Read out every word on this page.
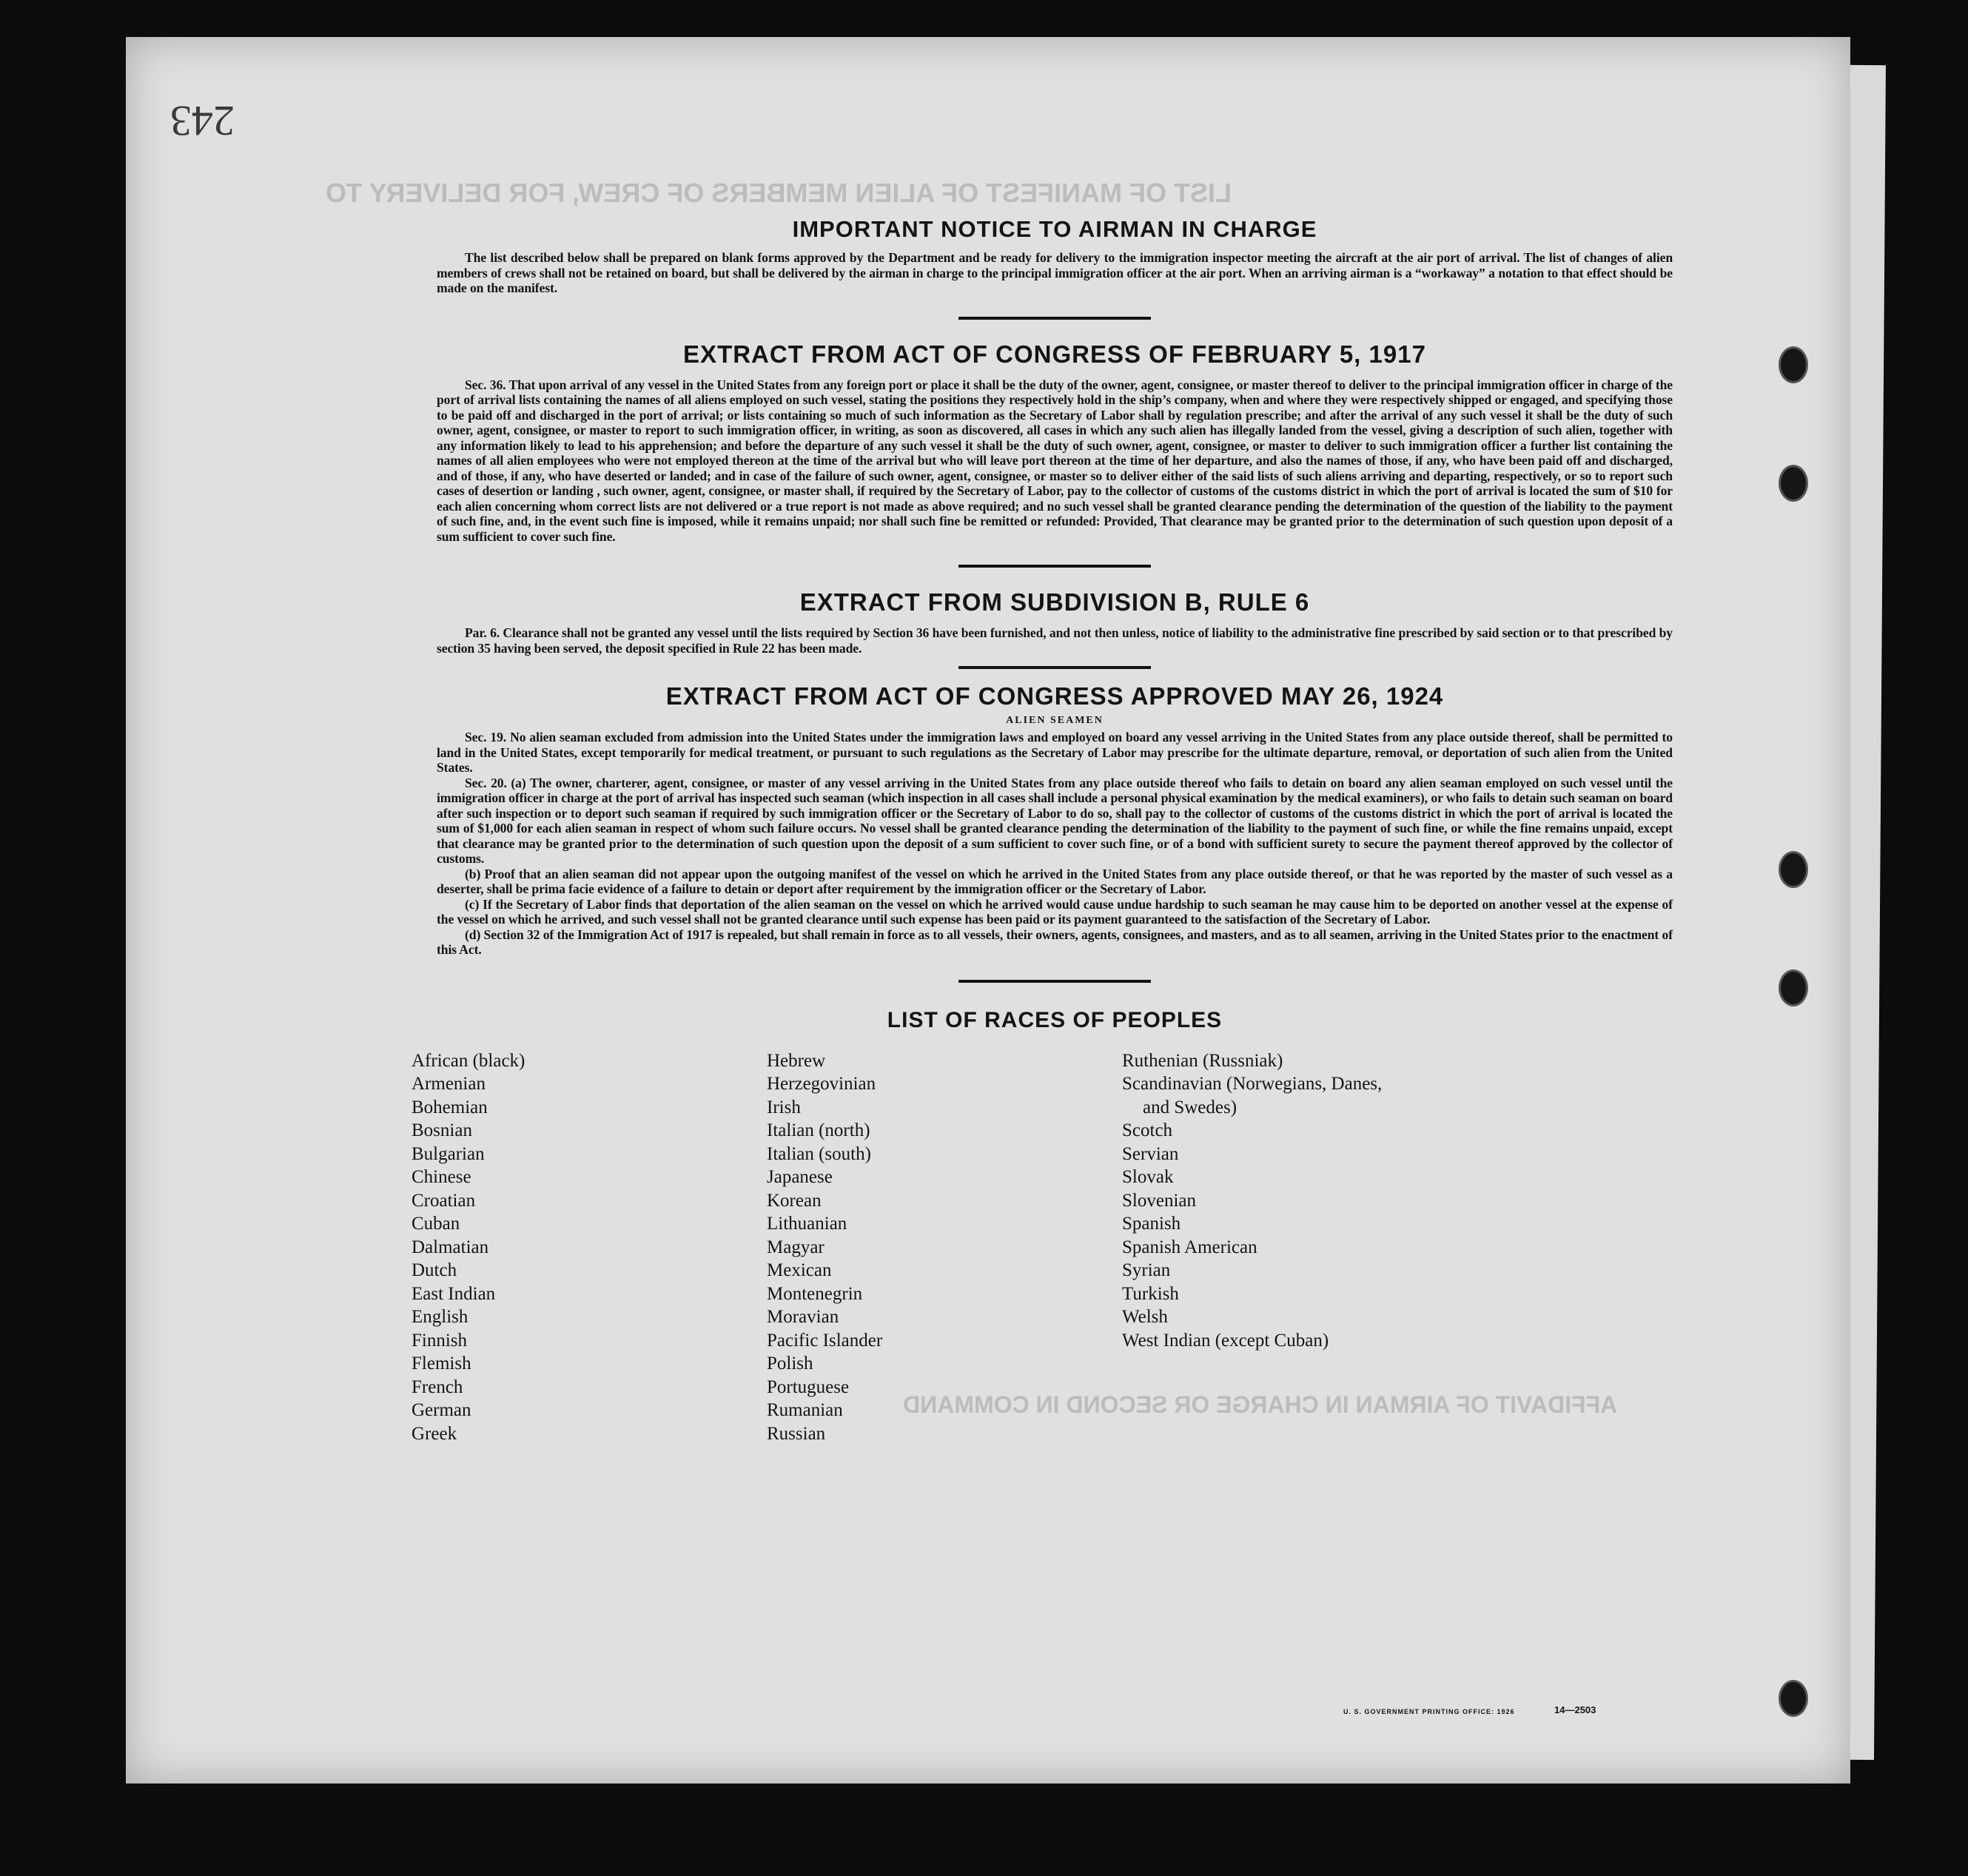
LIST OF MANIFEST OF ALIEN MEMBERS OF CREW, FOR DELIVERY TO
AFFIDAVIT OF AIRMAN IN CHARGE OR SECOND IN COMMAND
243
IMPORTANT NOTICE TO AIRMAN IN CHARGE

The list described below shall be prepared on blank forms approved by the Department and be ready for delivery to the immigration inspector meeting the aircraft at the air port of arrival. The list of changes of alien members of crews shall not be retained on board, but shall be delivered by the airman in charge to the principal immigration officer at the air port. When an arriving airman is a “workaway” a notation to that effect should be made on the manifest.

EXTRACT FROM ACT OF CONGRESS OF FEBRUARY 5, 1917

Sec. 36. That upon arrival of any vessel in the United States from any foreign port or place it shall be the duty of the owner, agent, consignee, or master thereof to deliver to the principal immigration officer in charge of the port of arrival lists containing the names of all aliens employed on such vessel, stating the positions they respectively hold in the ship’s company, when and where they were respectively shipped or engaged, and specifying those to be paid off and discharged in the port of arrival; or lists containing so much of such information as the Secretary of Labor shall by regulation prescribe; and after the arrival of any such vessel it shall be the duty of such owner, agent, consignee, or master to report to such immigration officer, in writing, as soon as discovered, all cases in which any such alien has illegally landed from the vessel, giving a description of such alien, together with any information likely to lead to his apprehension; and before the departure of any such vessel it shall be the duty of such owner, agent, consignee, or master to deliver to such immigration officer a further list containing the names of all alien employees who were not employed thereon at the time of the arrival but who will leave port thereon at the time of her departure, and also the names of those, if any, who have been paid off and discharged, and of those, if any, who have deserted or landed; and in case of the failure of such owner, agent, consignee, or master so to deliver either of the said lists of such aliens arriving and departing, respectively, or so to report such cases of desertion or landing , such owner, agent, consignee, or master shall, if required by the Secretary of Labor, pay to the collector of customs of the customs district in which the port of arrival is located the sum of $10 for each alien concerning whom correct lists are not delivered or a true report is not made as above required; and no such vessel shall be granted clearance pending the determination of the question of the liability to the payment of such fine, and, in the event such fine is imposed, while it remains unpaid; nor shall such fine be remitted or refunded: Provided, That clearance may be granted prior to the determination of such question upon deposit of a sum sufficient to cover such fine.

EXTRACT FROM SUBDIVISION B, RULE 6

Par. 6. Clearance shall not be granted any vessel until the lists required by Section 36 have been furnished, and not then unless, notice of liability to the administrative fine prescribed by said section or to that prescribed by section 35 having been served, the deposit specified in Rule 22 has been made.

EXTRACT FROM ACT OF CONGRESS APPROVED MAY 26, 1924
ALIEN SEAMEN

Sec. 19. No alien seaman excluded from admission into the United States under the immigration laws and employed on board any vessel arriving in the United States from any place outside thereof, shall be permitted to land in the United States, except temporarily for medical treatment, or pursuant to such regulations as the Secretary of Labor may prescribe for the ultimate departure, removal, or deportation of such alien from the United States.

Sec. 20. (a) The owner, charterer, agent, consignee, or master of any vessel arriving in the United States from any place outside thereof who fails to detain on board any alien seaman employed on such vessel until the immigration officer in charge at the port of arrival has inspected such seaman (which inspection in all cases shall include a personal physical examination by the medical examiners), or who fails to detain such seaman on board after such inspection or to deport such seaman if required by such immigration officer or the Secretary of Labor to do so, shall pay to the collector of customs of the customs district in which the port of arrival is located the sum of $1,000 for each alien seaman in respect of whom such failure occurs. No vessel shall be granted clearance pending the determination of the liability to the payment of such fine, or while the fine remains unpaid, except that clearance may be granted prior to the determination of such question upon the deposit of a sum sufficient to cover such fine, or of a bond with sufficient surety to secure the payment thereof approved by the collector of customs.

(b) Proof that an alien seaman did not appear upon the outgoing manifest of the vessel on which he arrived in the United States from any place outside thereof, or that he was reported by the master of such vessel as a deserter, shall be prima facie evidence of a failure to detain or deport after requirement by the immigration officer or the Secretary of Labor.

(c) If the Secretary of Labor finds that deportation of the alien seaman on the vessel on which he arrived would cause undue hardship to such seaman he may cause him to be deported on another vessel at the expense of the vessel on which he arrived, and such vessel shall not be granted clearance until such expense has been paid or its payment guaranteed to the satisfaction of the Secretary of Labor.

(d) Section 32 of the Immigration Act of 1917 is repealed, but shall remain in force as to all vessels, their owners, agents, consignees, and masters, and as to all seamen, arriving in the United States prior to the enactment of this Act.

LIST OF RACES OF PEOPLES
African (black)
Armenian
Bohemian
Bosnian
Bulgarian
Chinese
Croatian
Cuban
Dalmatian
Dutch
East Indian
English
Finnish
Flemish
French
German
Greek
Hebrew
Herzegovinian
Irish
Italian (north)
Italian (south)
Japanese
Korean
Lithuanian
Magyar
Mexican
Montenegrin
Moravian
Pacific Islander
Polish
Portuguese
Rumanian
Russian
Ruthenian (Russniak)
Scandinavian (Norwegians, Danes,
and Swedes)
Scotch
Servian
Slovak
Slovenian
Spanish
Spanish American
Syrian
Turkish
Welsh
West Indian (except Cuban)
U. S. GOVERNMENT PRINTING OFFICE: 1926	14—2503
